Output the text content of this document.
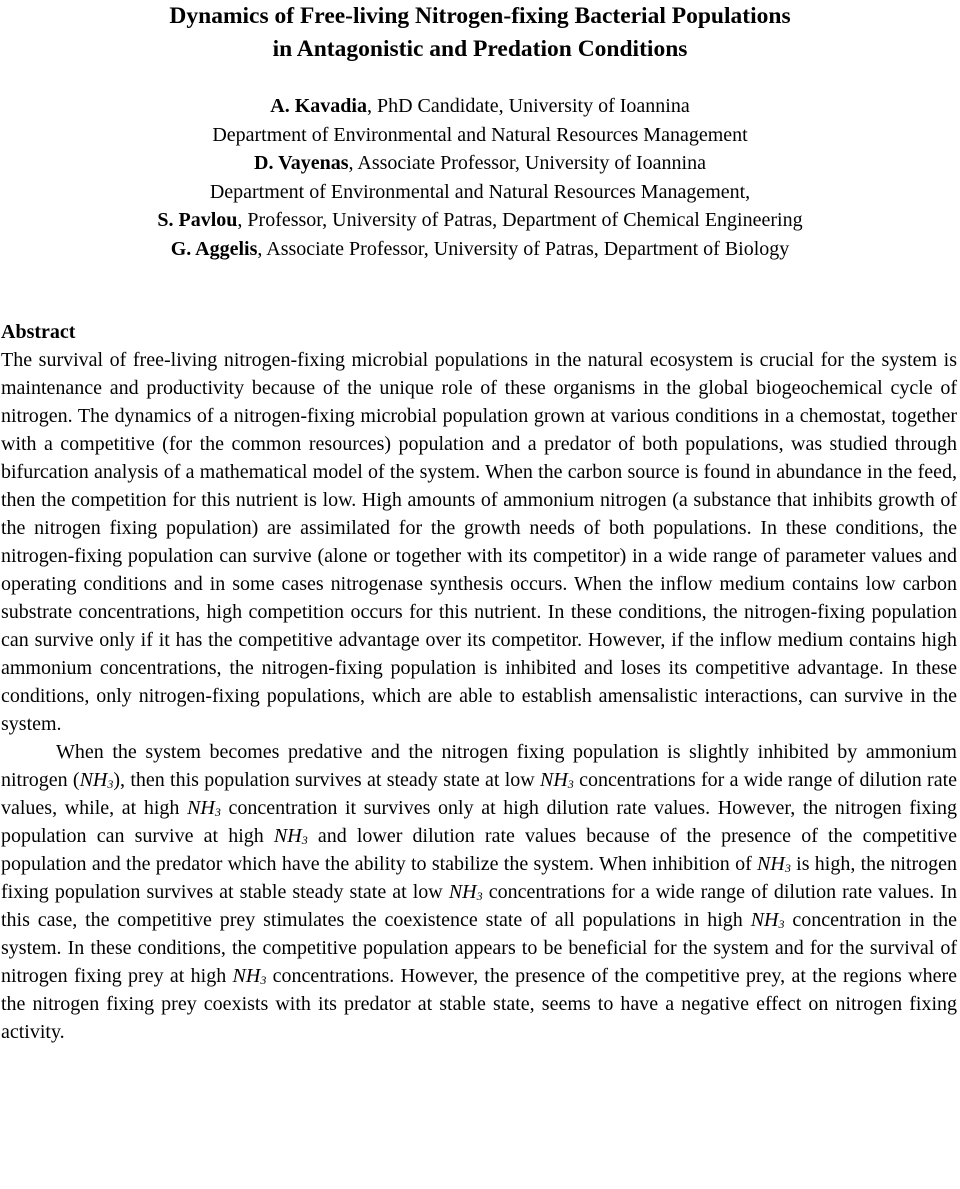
Dynamics of Free-living Nitrogen-fixing Bacterial Populations
in Antagonistic and Predation Conditions
A. Kavadia, PhD Candidate, University of Ioannina
Department of Environmental and Natural Resources Management
D. Vayenas, Associate Professor, University of Ioannina
Department of Environmental and Natural Resources Management,
S. Pavlou, Professor, University of Patras, Department of Chemical Engineering
G. Aggelis, Associate Professor, University of Patras, Department of Biology
Abstract

The survival of free-living nitrogen-fixing microbial populations in the natural ecosystem is crucial for the system is maintenance and productivity because of the unique role of these organisms in the global biogeochemical cycle of nitrogen. The dynamics of a nitrogen-fixing microbial population grown at various conditions in a chemostat, together with a competitive (for the common resources) population and a predator of both populations, was studied through bifurcation analysis of a mathematical model of the system. When the carbon source is found in abundance in the feed, then the competition for this nutrient is low. High amounts of ammonium nitrogen (a substance that inhibits growth of the nitrogen fixing population) are assimilated for the growth needs of both populations. In these conditions, the nitrogen-fixing population can survive (alone or together with its competitor) in a wide range of parameter values and operating conditions and in some cases nitrogenase synthesis occurs. When the inflow medium contains low carbon substrate concentrations, high competition occurs for this nutrient. In these conditions, the nitrogen-fixing population can survive only if it has the competitive advantage over its competitor. However, if the inflow medium contains high ammonium concentrations, the nitrogen-fixing population is inhibited and loses its competitive advantage. In these conditions, only nitrogen-fixing populations, which are able to establish amensalistic interactions, can survive in the system.

When the system becomes predative and the nitrogen fixing population is slightly inhibited by ammonium nitrogen $(NH_3)$, then this population survives at steady state at low $NH_3$ concentrations for a wide range of dilution rate values, while, at high $NH_3$ concentration it survives only at high dilution rate values. However, the nitrogen fixing population can survive at high $NH_3$ and lower dilution rate values because of the presence of the competitive population and the predator which have the ability to stabilize the system. When inhibition of $NH_3$ is high, the nitrogen fixing population survives at stable steady state at low $NH_3$ concentrations for a wide range of dilution rate values. In this case, the competitive prey stimulates the coexistence state of all populations in high $NH_3$ concentration in the system. In these conditions, the competitive population appears to be beneficial for the system and for the survival of nitrogen fixing prey at high $NH_3$ concentrations. However, the presence of the competitive prey, at the regions where the nitrogen fixing prey coexists with its predator at stable state, seems to have a negative effect on nitrogen fixing activity.
